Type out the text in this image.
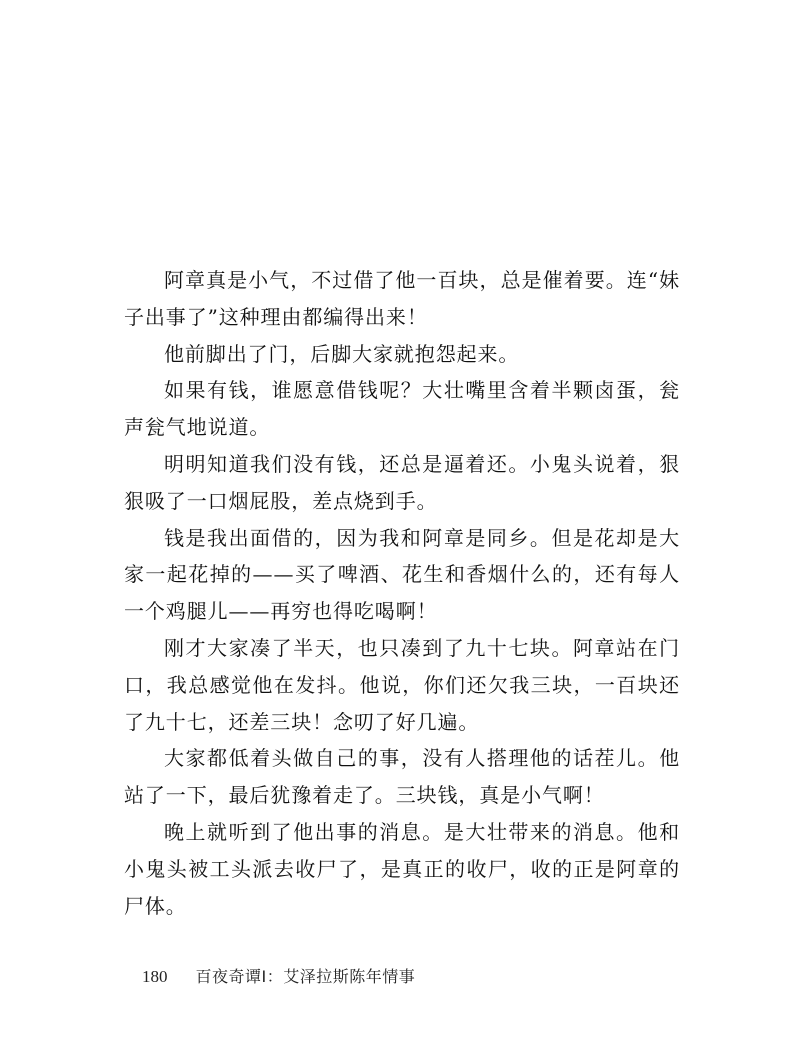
阿章真是小气，不过借了他一百块，总是催着要。连“妹子出事了”这种理由都编得出来！

他前脚出了门，后脚大家就抱怨起来。

如果有钱，谁愿意借钱呢？大壮嘴里含着半颗卤蛋，瓮声瓮气地说道。

明明知道我们没有钱，还总是逼着还。小鬼头说着，狠狠吸了一口烟屁股，差点烧到手。

钱是我出面借的，因为我和阿章是同乡。但是花却是大家一起花掉的——买了啤酒、花生和香烟什么的，还有每人一个鸡腿儿——再穷也得吃喝啊！

刚才大家凑了半天，也只凑到了九十七块。阿章站在门口，我总感觉他在发抖。他说，你们还欠我三块，一百块还了九十七，还差三块！念叨了好几遍。

大家都低着头做自己的事，没有人搭理他的话茬儿。他站了一下，最后犹豫着走了。三块钱，真是小气啊！

晚上就听到了他出事的消息。是大壮带来的消息。他和小鬼头被工头派去收尸了，是真正的收尸，收的正是阿章的尸体。

180 百夜奇谭Ⅰ：艾泽拉斯陈年情事
